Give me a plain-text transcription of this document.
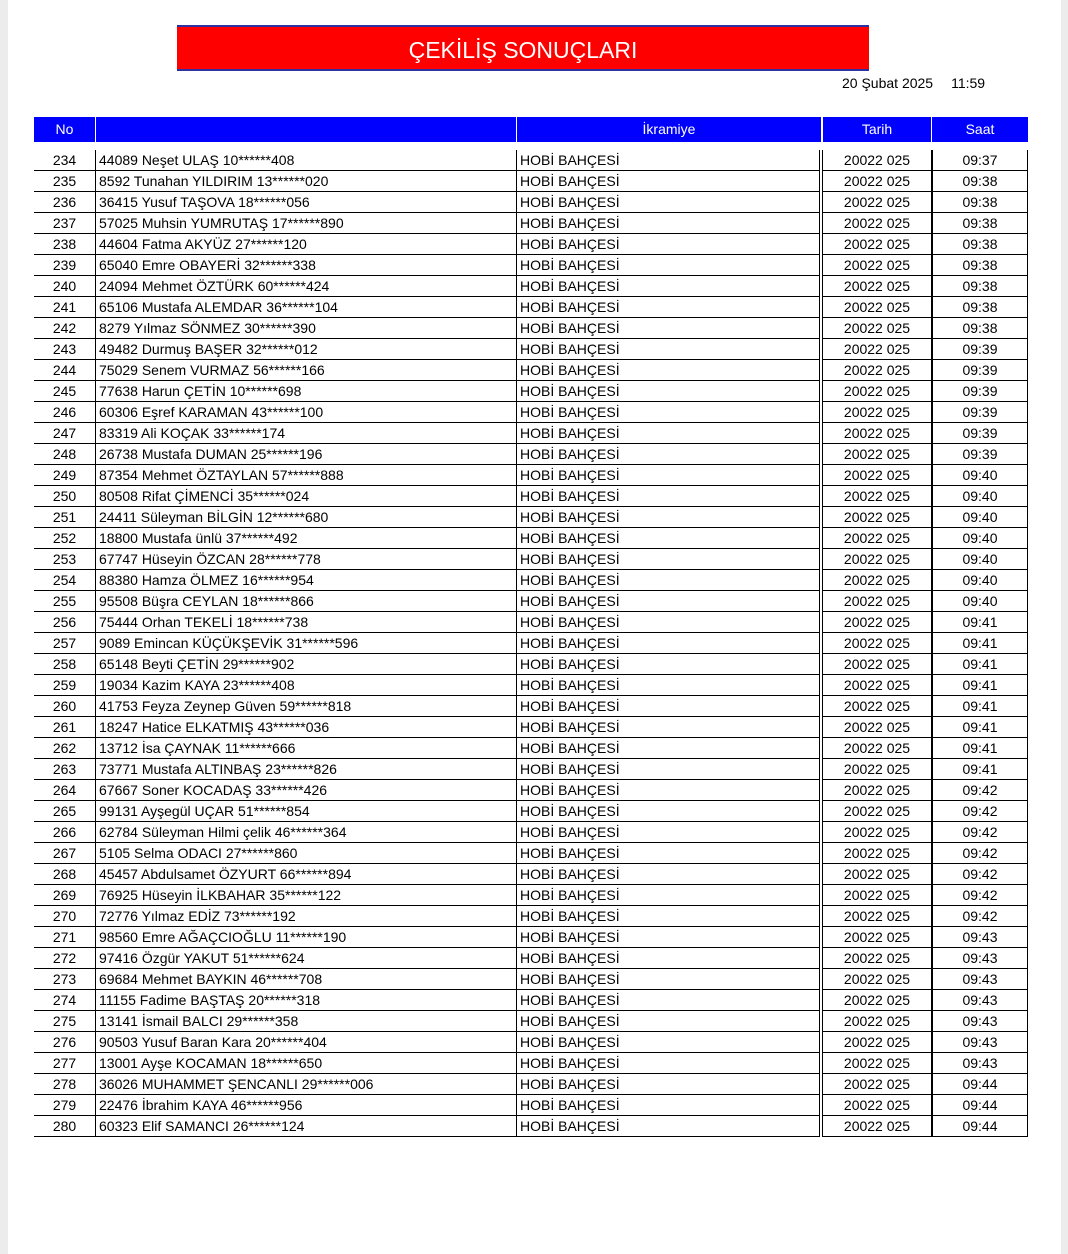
ÇEKİLİŞ SONUÇLARI
20 Şubat 2025 11:59
No	İkramiye	Tarih	Saat
234	44089 Neşet ULAŞ 10******408	HOBİ BAHÇESİ		20022 025	09:37
235	8592 Tunahan YILDIRIM 13******020	HOBİ BAHÇESİ		20022 025	09:38
236	36415 Yusuf TAŞOVA 18******056	HOBİ BAHÇESİ		20022 025	09:38
237	57025 Muhsin YUMRUTAŞ 17******890	HOBİ BAHÇESİ		20022 025	09:38
238	44604 Fatma AKYÜZ 27******120	HOBİ BAHÇESİ		20022 025	09:38
239	65040 Emre OBAYERİ 32******338	HOBİ BAHÇESİ		20022 025	09:38
240	24094 Mehmet ÖZTÜRK 60******424	HOBİ BAHÇESİ		20022 025	09:38
241	65106 Mustafa ALEMDAR 36******104	HOBİ BAHÇESİ		20022 025	09:38
242	8279 Yılmaz SÖNMEZ 30******390	HOBİ BAHÇESİ		20022 025	09:38
243	49482 Durmuş BAŞER 32******012	HOBİ BAHÇESİ		20022 025	09:39
244	75029 Senem VURMAZ 56******166	HOBİ BAHÇESİ		20022 025	09:39
245	77638 Harun ÇETİN 10******698	HOBİ BAHÇESİ		20022 025	09:39
246	60306 Eşref KARAMAN 43******100	HOBİ BAHÇESİ		20022 025	09:39
247	83319 Ali KOÇAK 33******174	HOBİ BAHÇESİ		20022 025	09:39
248	26738 Mustafa DUMAN 25******196	HOBİ BAHÇESİ		20022 025	09:39
249	87354 Mehmet ÖZTAYLAN 57******888	HOBİ BAHÇESİ		20022 025	09:40
250	80508 Rifat ÇİMENCİ 35******024	HOBİ BAHÇESİ		20022 025	09:40
251	24411 Süleyman BİLGİN 12******680	HOBİ BAHÇESİ		20022 025	09:40
252	18800 Mustafa ünlü 37******492	HOBİ BAHÇESİ		20022 025	09:40
253	67747 Hüseyin ÖZCAN 28******778	HOBİ BAHÇESİ		20022 025	09:40
254	88380 Hamza ÖLMEZ 16******954	HOBİ BAHÇESİ		20022 025	09:40
255	95508 Büşra CEYLAN 18******866	HOBİ BAHÇESİ		20022 025	09:40
256	75444 Orhan TEKELİ 18******738	HOBİ BAHÇESİ		20022 025	09:41
257	9089 Emincan KÜÇÜKŞEVİK 31******596	HOBİ BAHÇESİ		20022 025	09:41
258	65148 Beyti ÇETİN 29******902	HOBİ BAHÇESİ		20022 025	09:41
259	19034 Kazim KAYA 23******408	HOBİ BAHÇESİ		20022 025	09:41
260	41753 Feyza Zeynep Güven 59******818	HOBİ BAHÇESİ		20022 025	09:41
261	18247 Hatice ELKATMIŞ 43******036	HOBİ BAHÇESİ		20022 025	09:41
262	13712 İsa ÇAYNAK 11******666	HOBİ BAHÇESİ		20022 025	09:41
263	73771 Mustafa ALTINBAŞ 23******826	HOBİ BAHÇESİ		20022 025	09:41
264	67667 Soner KOCADAŞ 33******426	HOBİ BAHÇESİ		20022 025	09:42
265	99131 Ayşegül UÇAR 51******854	HOBİ BAHÇESİ		20022 025	09:42
266	62784 Süleyman Hilmi çelik 46******364	HOBİ BAHÇESİ		20022 025	09:42
267	5105 Selma ODACI 27******860	HOBİ BAHÇESİ		20022 025	09:42
268	45457 Abdulsamet ÖZYURT 66******894	HOBİ BAHÇESİ		20022 025	09:42
269	76925 Hüseyin İLKBAHAR 35******122	HOBİ BAHÇESİ		20022 025	09:42
270	72776 Yılmaz EDİZ 73******192	HOBİ BAHÇESİ		20022 025	09:42
271	98560 Emre AĞAÇCIOĞLU 11******190	HOBİ BAHÇESİ		20022 025	09:43
272	97416 Özgür YAKUT 51******624	HOBİ BAHÇESİ		20022 025	09:43
273	69684 Mehmet BAYKIN 46******708	HOBİ BAHÇESİ		20022 025	09:43
274	11155 Fadime BAŞTAŞ 20******318	HOBİ BAHÇESİ		20022 025	09:43
275	13141 İsmail BALCI 29******358	HOBİ BAHÇESİ		20022 025	09:43
276	90503 Yusuf Baran Kara 20******404	HOBİ BAHÇESİ		20022 025	09:43
277	13001 Ayşe KOCAMAN 18******650	HOBİ BAHÇESİ		20022 025	09:43
278	36026 MUHAMMET ŞENCANLI 29******006	HOBİ BAHÇESİ		20022 025	09:44
279	22476 İbrahim KAYA 46******956	HOBİ BAHÇESİ		20022 025	09:44
280	60323 Elif SAMANCI 26******124	HOBİ BAHÇESİ		20022 025	09:44
